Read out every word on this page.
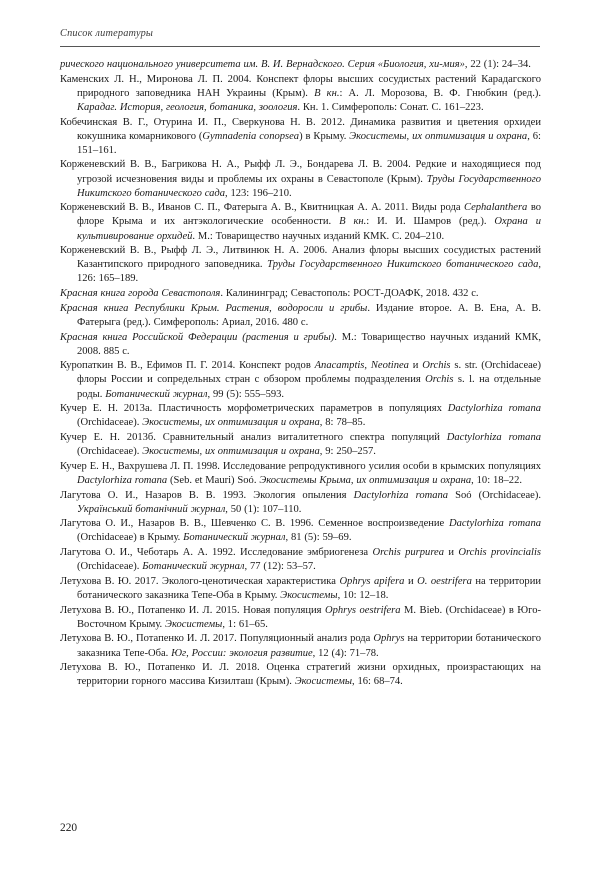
Список литературы

рического национального университета им. В. И. Вернадского. Серия «Биология, хи-мия», 22 (1): 24–34.

Каменских Л. Н., Миронова Л. П. 2004. Конспект флоры высших сосудистых растений Карадагского природного заповедника НАН Украины (Крым). В кн.: А. Л. Морозова, В. Ф. Гнюбкин (ред.). Карадаг. История, геология, ботаника, зоология. Кн. 1. Симферополь: Сонат. С. 161–223.

Кобечинская В. Г., Отурина И. П., Сверкунова Н. В. 2012. Динамика развития и цветения орхидеи кокушника комарникового (Gymnadenia conopsea) в Крыму. Экосистемы, их оптимизация и охрана, 6: 151–161.

Корженевский В. В., Багрикова Н. А., Рыфф Л. Э., Бондарева Л. В. 2004. Редкие и находящиеся под угрозой исчезновения виды и проблемы их охраны в Севастополе (Крым). Труды Государственного Никитского ботанического сада, 123: 196–210.

Корженевский В. В., Иванов С. П., Фатерыга А. В., Квитницкая А. А. 2011. Виды рода Cephalanthera во флоре Крыма и их антэкологические особенности. В кн.: И. И. Шамров (ред.). Охрана и культивирование орхидей. М.: Товарищество научных изданий КМК. С. 204–210.

Корженевский В. В., Рыфф Л. Э., Литвинюк Н. А. 2006. Анализ флоры высших сосудистых растений Казантипского природного заповедника. Труды Государственного Никитского ботанического сада, 126: 165–189.

Красная книга города Севастополя. Калининград; Севастополь: РОСТ-ДОАФК, 2018. 432 с.

Красная книга Республики Крым. Растения, водоросли и грибы. Издание второе. А. В. Ена, А. В. Фатерыга (ред.). Симферополь: Ариал, 2016. 480 с.

Красная книга Российской Федерации (растения и грибы). М.: Товарищество научных изданий КМК, 2008. 885 с.

Куропаткин В. В., Ефимов П. Г. 2014. Конспект родов Anacamptis, Neotinea и Orchis s. str. (Orchidaceae) флоры России и сопредельных стран с обзором проблемы подразделения Orchis s. l. на отдельные роды. Ботанический журнал, 99 (5): 555–593.

Кучер Е. Н. 2013а. Пластичность морфометрических параметров в популяциях Dactylorhiza romana (Orchidaceae). Экосистемы, их оптимизация и охрана, 8: 78–85.

Кучер Е. Н. 2013б. Сравнительный анализ виталитетного спектра популяций Dactylorhiza romana (Orchidaceae). Экосистемы, их оптимизация и охрана, 9: 250–257.

Кучер Е. Н., Вахрушева Л. П. 1998. Исследование репродуктивного усилия особи в крымских популяциях Dactylorhiza romana (Seb. et Mauri) Soó. Экосистемы Крыма, их оптимизация и охрана, 10: 18–22.

Лагутова О. И., Назаров В. В. 1993. Экология опыления Dactylorhiza romana Soó (Orchidaceae). Український ботанічний журнал, 50 (1): 107–110.

Лагутова О. И., Назаров В. В., Шевченко С. В. 1996. Семенное воспроизведение Dactylorhiza romana (Orchidaceae) в Крыму. Ботанический журнал, 81 (5): 59–69.

Лагутова О. И., Чеботарь А. А. 1992. Исследование эмбриогенеза Orchis purpurea и Orchis provincialis (Orchidaceae). Ботанический журнал, 77 (12): 53–57.

Летухова В. Ю. 2017. Эколого-ценотическая характеристика Ophrys apifera и O. oestrifera на территории ботанического заказника Тепе-Оба в Крыму. Экосистемы, 10: 12–18.

Летухова В. Ю., Потапенко И. Л. 2015. Новая популяция Ophrys oestrifera M. Bieb. (Orchidaceae) в Юго-Восточном Крыму. Экосистемы, 1: 61–65.

Летухова В. Ю., Потапенко И. Л. 2017. Популяционный анализ рода Ophrys на территории ботанического заказника Тепе-Оба. Юг, России: экология развитие, 12 (4): 71–78.

Летухова В. Ю., Потапенко И. Л. 2018. Оценка стратегий жизни орхидных, произрастающих на территории горного массива Кизилташ (Крым). Экосистемы, 16: 68–74.

220
